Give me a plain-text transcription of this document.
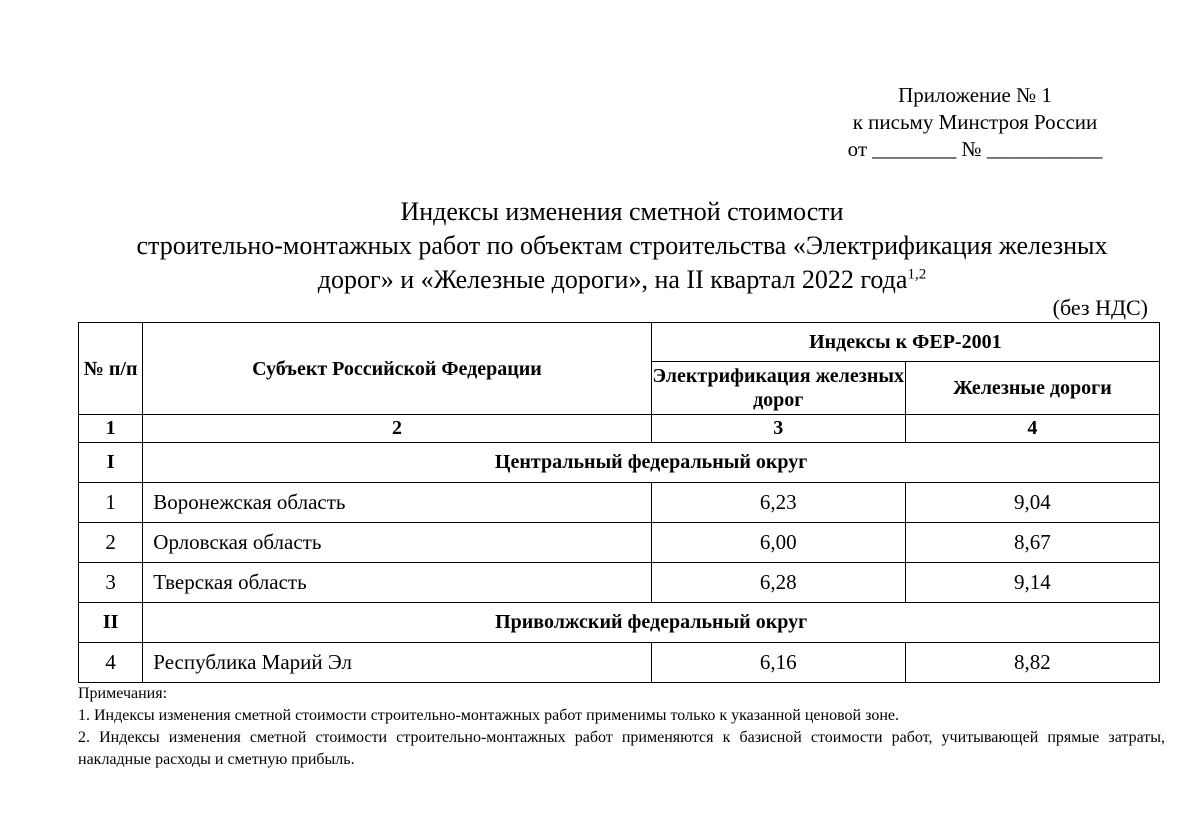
Приложение № 1
к письму Минстроя России
от ________ № ___________
Индексы изменения сметной стоимости
строительно-монтажных работ по объектам строительства «Электрификация железных
дорог» и «Железные дороги», на II квартал 2022 года$^{1,2}$
(без НДС)
№ п/п	Субъект Российской Федерации	Индексы к ФЕР-2001	
		Электрификация железных дорог	Железные дороги
1	2	3	4
I	Центральный федеральный округ		
1	Воронежская область	6,23	9,04
2	Орловская область	6,00	8,67
3	Тверская область	6,28	9,14
II	Приволжский федеральный округ		
4	Республика Марий Эл	6,16	8,82
Примечания:
1. Индексы изменения сметной стоимости строительно-монтажных работ применимы только к указанной ценовой зоне.
2. Индексы изменения сметной стоимости строительно-монтажных работ применяются к базисной стоимости работ, учитывающей прямые затраты, накладные расходы и сметную прибыль.
